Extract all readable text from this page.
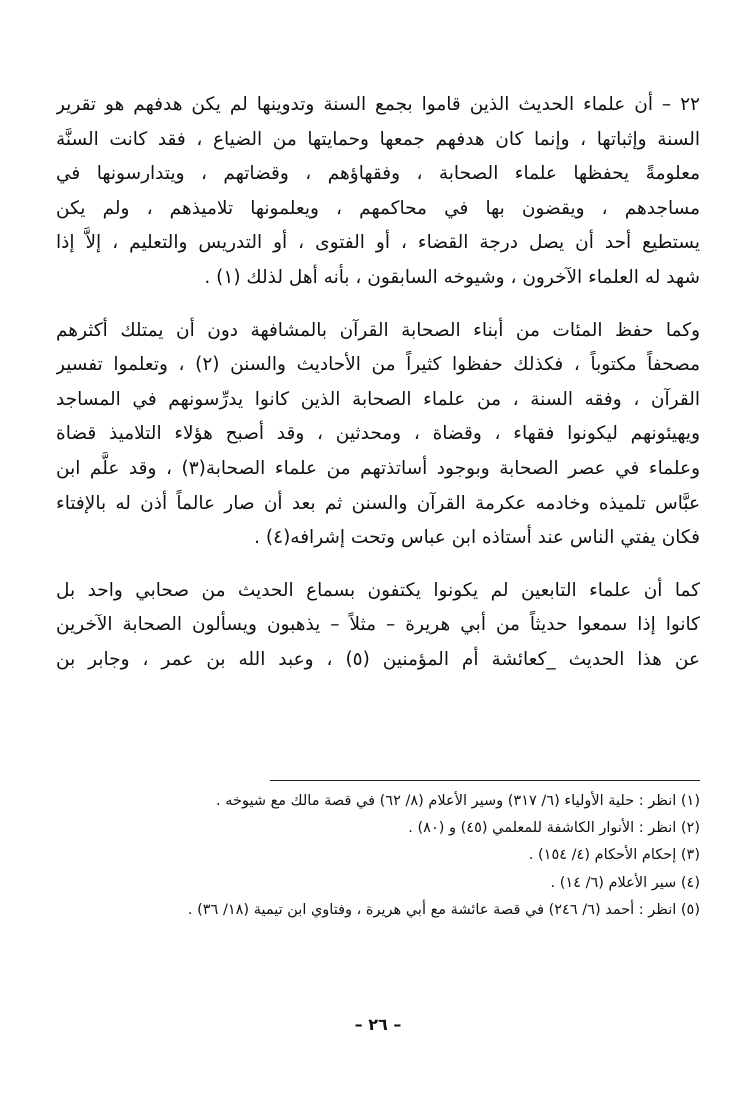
٢٢ – أن علماء الحديث الذين قاموا بجمع السنة وتدوينها لم يكن هدفهم هو تقرير
السنة وإثباتها ، وإنما كان هدفهم جمعها وحمايتها من الضياع ، فقد كانت السنَّة
معلومةً يحفظها علماء الصحابة ، وفقهاؤهم ، وقضاتهم ، ويتدارسونها في
مساجدهم ، ويقضون بها في محاكمهم ، ويعلمونها تلاميذهم ، ولم يكن
يستطيع أحد أن يصل درجة القضاء ، أو الفتوى ، أو التدريس والتعليم ، إلاَّ إذا
شهد له العلماء الآخرون ، وشيوخه السابقون ، بأنه أهل لذلك (١) .

وكما حفظ المئات من أبناء الصحابة القرآن بالمشافهة دون أن يمتلك أكثرهم
مصحفاً مكتوباً ، فكذلك حفظوا كثيراً من الأحاديث والسنن (٢) ، وتعلموا تفسير
القرآن ، وفقه السنة ، من علماء الصحابة الذين كانوا يدرِّسونهم في المساجد
ويهيئونهم ليكونوا فقهاء ، وقضاة ، ومحدثين ، وقد أصبح هؤلاء التلاميذ قضاة
وعلماء في عصر الصحابة وبوجود أساتذتهم من علماء الصحابة(٣) ، وقد علَّم ابن
عبَّاس تلميذه وخادمه عكرمة القرآن والسنن ثم بعد أن صار عالماً أذن له بالإفتاء
فكان يفتي الناس عند أستاذه ابن عباس وتحت إشرافه(٤) .

كما أن علماء التابعين لم يكونوا يكتفون بسماع الحديث من صحابي واحد بل
كانوا إذا سمعوا حديثاً من أبي هريرة – مثلاً – يذهبون ويسألون الصحابة الآخرين
عن هذا الحديث _كعائشة أم المؤمنين (٥) ، وعبد الله بن عمر ، وجابر بن

(١) انظر : حلية الأولياء (٦/ ٣١٧) وسير الأعلام (٨/ ٦٢) في قصة مالك مع شيوخه .
(٢) انظر : الأنوار الكاشفة للمعلمي (٤٥) و (٨٠) .
(٣) إحكام الأحكام (٤/ ١٥٤) .
(٤) سير الأعلام (٦/ ١٤) .
(٥) انظر : أحمد (٦/ ٢٤٦) في قصة عائشة مع أبي هريرة ، وفتاوي ابن تيمية (١٨/ ٣٦) .
– ٢٦ –
